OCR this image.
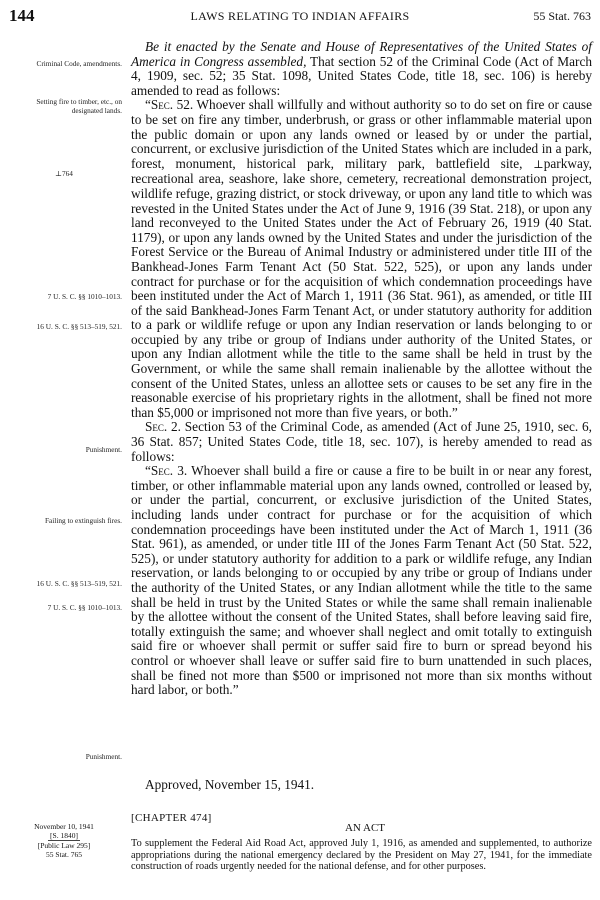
144	LAWS RELATING TO INDIAN AFFAIRS	55 Stat. 763
Criminal Code, amendments.
Setting fire to timber, etc., on designated lands.
⊥764
7 U. S. C. §§ 1010–1013.
16 U. S. C. §§ 513–519, 521.
Punishment.
Failing to extinguish fires.
16 U. S. C. §§ 513–519, 521.
7 U. S. C. §§ 1010–1013.
Punishment.
November 10, 1941
[S. 1840]
[Public Law 295]
55 Stat. 765

Be it enacted by the Senate and House of Representatives of the United States of America in Congress assembled, That section 52 of the Criminal Code (Act of March 4, 1909, sec. 52; 35 Stat. 1098, United States Code, title 18, sec. 106) is hereby amended to read as follows:

“Sec. 52. Whoever shall willfully and without authority so to do set on fire or cause to be set on fire any timber, underbrush, or grass or other inflammable material upon the public domain or upon any lands owned or leased by or under the partial, concurrent, or exclusive jurisdiction of the United States which are included in a park, forest, monument, historical park, military park, battlefield site, ⊥parkway, recreational area, seashore, lake shore, cemetery, recreational demonstration project, wildlife refuge, grazing district, or stock driveway, or upon any land title to which was revested in the United States under the Act of June 9, 1916 (39 Stat. 218), or upon any land reconveyed to the United States under the Act of February 26, 1919 (40 Stat. 1179), or upon any lands owned by the United States and under the jurisdiction of the Forest Service or the Bureau of Animal Industry or administered under title III of the Bankhead-Jones Farm Tenant Act (50 Stat. 522, 525), or upon any lands under contract for purchase or for the acquisition of which condemnation proceedings have been instituted under the Act of March 1, 1911 (36 Stat. 961), as amended, or title III of the said Bankhead-Jones Farm Tenant Act, or under statutory authority for addition to a park or wildlife refuge or upon any Indian reservation or lands belonging to or occupied by any tribe or group of Indians under authority of the United States, or upon any Indian allotment while the title to the same shall be held in trust by the Government, or while the same shall remain inalienable by the allottee without the consent of the United States, unless an allottee sets or causes to be set any fire in the reasonable exercise of his proprietary rights in the allotment, shall be fined not more than $5,000 or imprisoned not more than five years, or both.”

Sec. 2. Section 53 of the Criminal Code, as amended (Act of June 25, 1910, sec. 6, 36 Stat. 857; United States Code, title 18, sec. 107), is hereby amended to read as follows:

“Sec. 3. Whoever shall build a fire or cause a fire to be built in or near any forest, timber, or other inflammable material upon any lands owned, controlled or leased by, or under the partial, concurrent, or exclusive jurisdiction of the United States, including lands under contract for purchase or for the acquisition of which condemnation proceedings have been instituted under the Act of March 1, 1911 (36 Stat. 961), as amended, or under title III of the Jones Farm Tenant Act (50 Stat. 522, 525), or under statutory authority for addition to a park or wildlife refuge, any Indian reservation, or lands belonging to or occupied by any tribe or group of Indians under the authority of the United States, or any Indian allotment while the title to the same shall be held in trust by the United States or while the same shall remain inalienable by the allottee without the consent of the United States, shall before leaving said fire, totally extinguish the same; and whoever shall neglect and omit totally to extinguish said fire or whoever shall permit or suffer said fire to burn or spread beyond his control or whoever shall leave or suffer said fire to burn unattended in such places, shall be fined not more than $500 or imprisoned not more than six months without hard labor, or both.”

Approved, November 15, 1941.
[CHAPTER 474]
AN ACT
To supplement the Federal Aid Road Act, approved July 1, 1916, as amended and supplemented, to authorize appropriations during the national emergency declared by the President on May 27, 1941, for the immediate construction of roads urgently needed for the national defense, and for other purposes.
